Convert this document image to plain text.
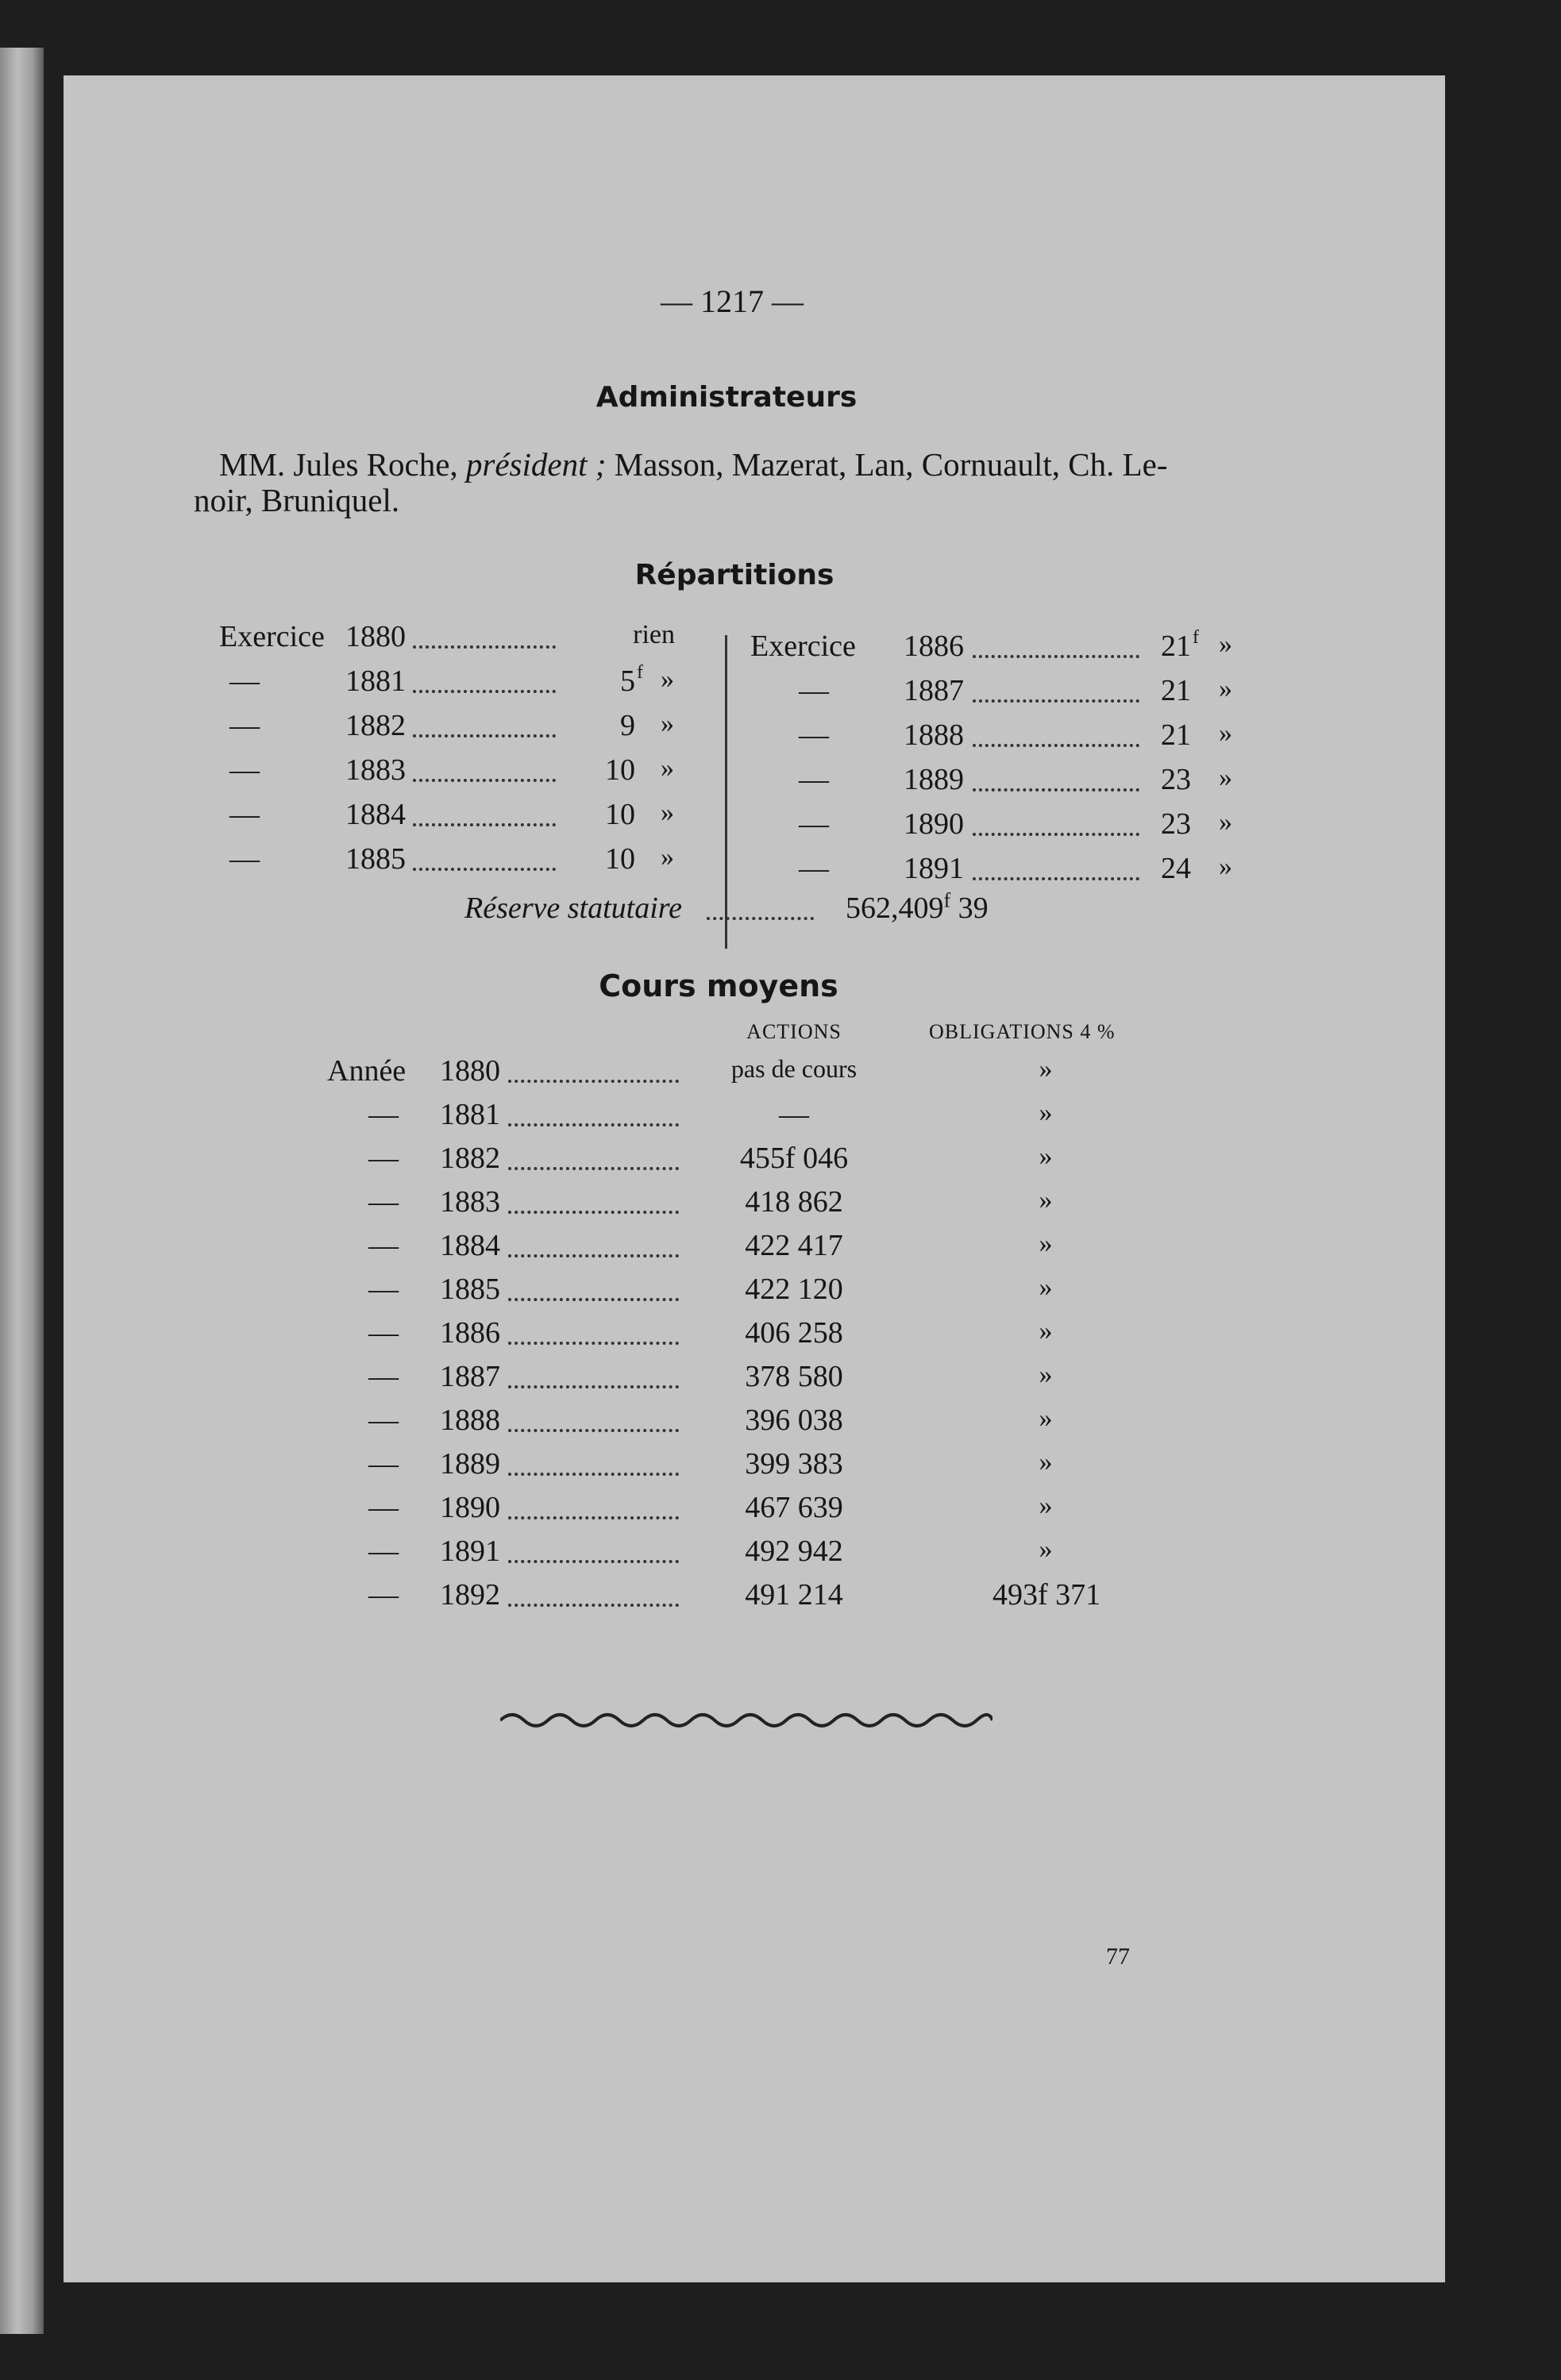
— 1217 —
Administrateurs
MM. Jules Roche, président ; Masson, Mazerat, Lan, Cornuault, Ch. Le-
noir, Bruniquel.
Répartitions
Exercice 1880	rien
—	1881	5 f »
—	1882	9 »
—	1883	10 »
—	1884	10 »
—	1885	10 »
Exercice 1886	21 f »
— 1887	21 »
— 1888	21 »
— 1889	23 »
— 1890	23 »
— 1891	24 »
Réserve statutaire	562,409$^f$ 39
Cours moyens
ACTIONS	OBLIGATIONS 4 %
Année 1880	pas de cours	»
— 1881	—	»
— 1882	455f 046	»
— 1883	418 862	»
— 1884	422 417	»
— 1885	422 120	»
— 1886	406 258	»
— 1887	378 580	»
— 1888	396 038	»
— 1889	399 383	»
— 1890	467 639	»
— 1891	492 942	»
— 1892	491 214	493f 371
77
